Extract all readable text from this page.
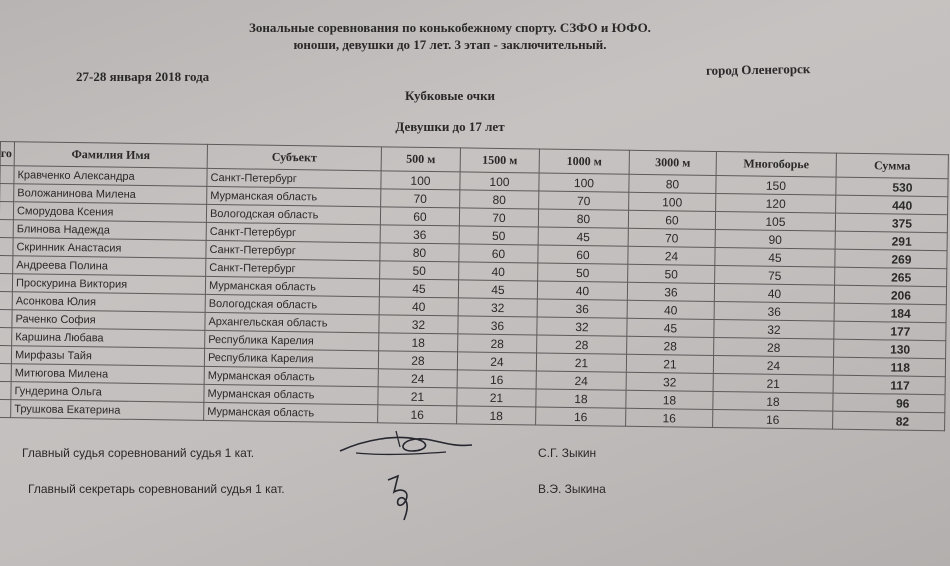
Зональные соревнования по конькобежному спорту. СЗФО и ЮФО.
юноши, девушки до 17 лет. 3 этап - заключительный.
27-28 января 2018 года	город Оленегорск
Кубковые очки
Девушки до 17 лет
го	Фамилия Имя	Субъект	500 м	1500 м	1000 м	3000 м	Многоборье	Сумма
	Кравченко Александра	Санкт-Петербург	100	100	100	80	150	530
	Воложанинова Милена	Мурманская область	70	80	70	100	120	440
	Сморудова Ксения	Вологодская область	60	70	80	60	105	375
	Блинова Надежда	Санкт-Петербург	36	50	45	70	90	291
	Скринник Анастасия	Санкт-Петербург	80	60	60	24	45	269
	Андреева Полина	Санкт-Петербург	50	40	50	50	75	265
	Проскурина Виктория	Мурманская область	45	45	40	36	40	206
	Асонкова Юлия	Вологодская область	40	32	36	40	36	184
	Раченко София	Архангельская область	32	36	32	45	32	177
	Каршина Любава	Республика Карелия	18	28	28	28	28	130
	Мирфазы Тайя	Республика Карелия	28	24	21	21	24	118
	Митюгова Милена	Мурманская область	24	16	24	32	21	117
	Гундерина Ольга	Мурманская область	21	21	18	18	18	96
	Трушкова Екатерина	Мурманская область	16	18	16	16	16	82
Главный судья соревнований судья 1 кат.	С.Г. Зыкин
Главный секретарь соревнований судья 1 кат.	В.Э. Зыкина
